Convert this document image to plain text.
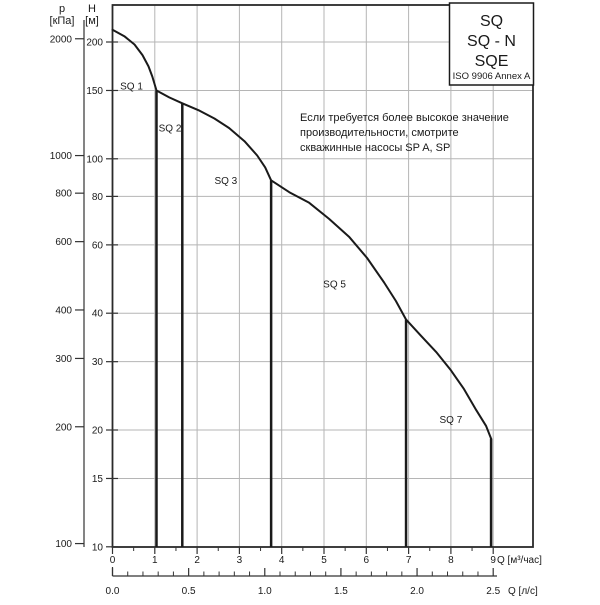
200
150
100
80
60
40
30
20
15
10
2000
1000
800
600
400
300
200
100
0	1	2	3	4	5	6	7	8	9
0.0	0.5	1.0	1.5	2.0	2.5
SQ 1
SQ 2
SQ 3
SQ 5
SQ 7
p
[кПа]
H
[м]
Q [м³/час]
Q [л/с]
Если требуется более высокое значение
производительности, смотрите
скважинные насосы SP A, SP
SQ
SQ - N
SQE
ISO 9906 Annex A
